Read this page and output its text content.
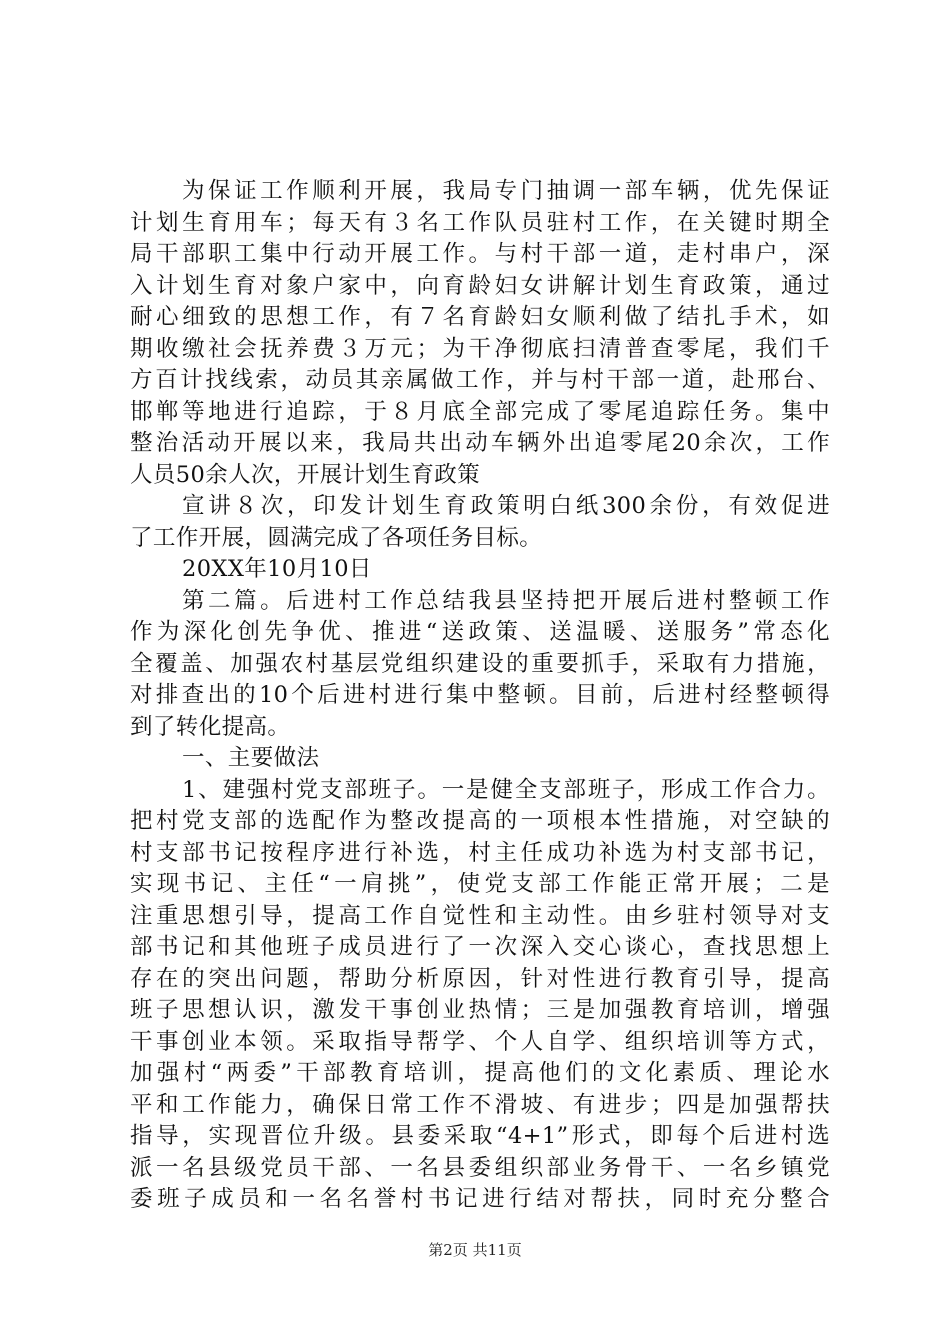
为保证工作顺利开展，我局专门抽调一部车辆，优先保证
计划生育用车；每天有３名工作队员驻村工作，在关键时期全
局干部职工集中行动开展工作。与村干部一道，走村串户，深
入计划生育对象户家中，向育龄妇女讲解计划生育政策，通过
耐心细致的思想工作，有７名育龄妇女顺利做了结扎手术，如
期收缴社会抚养费３万元；为干净彻底扫清普查零尾，我们千
方百计找线索，动员其亲属做工作，并与村干部一道，赴邢台、
邯郸等地进行追踪，于８月底全部完成了零尾追踪任务。集中
整治活动开展以来，我局共出动车辆外出追零尾20余次，工作
人员50余人次，开展计划生育政策
宣讲８次，印发计划生育政策明白纸300余份，有效促进
了工作开展，圆满完成了各项任务目标。
20XX年10月10日
第二篇。后进村工作总结我县坚持把开展后进村整顿工作
作为深化创先争优、推进“送政策、送温暖、送服务”常态化
全覆盖、加强农村基层党组织建设的重要抓手，采取有力措施，
对排查出的10个后进村进行集中整顿。目前，后进村经整顿得
到了转化提高。
一、主要做法
1、建强村党支部班子。一是健全支部班子，形成工作合力。
把村党支部的选配作为整改提高的一项根本性措施，对空缺的
村支部书记按程序进行补选，村主任成功补选为村支部书记，
实现书记、主任“一肩挑”，使党支部工作能正常开展；二是
注重思想引导，提高工作自觉性和主动性。由乡驻村领导对支
部书记和其他班子成员进行了一次深入交心谈心，查找思想上
存在的突出问题，帮助分析原因，针对性进行教育引导，提高
班子思想认识，激发干事创业热情；三是加强教育培训，增强
干事创业本领。采取指导帮学、个人自学、组织培训等方式，
加强村“两委”干部教育培训，提高他们的文化素质、理论水
平和工作能力，确保日常工作不滑坡、有进步；四是加强帮扶
指导，实现晋位升级。县委采取“4+1”形式，即每个后进村选
派一名县级党员干部、一名县委组织部业务骨干、一名乡镇党
委班子成员和一名名誉村书记进行结对帮扶，同时充分整合
第2页 共11页
